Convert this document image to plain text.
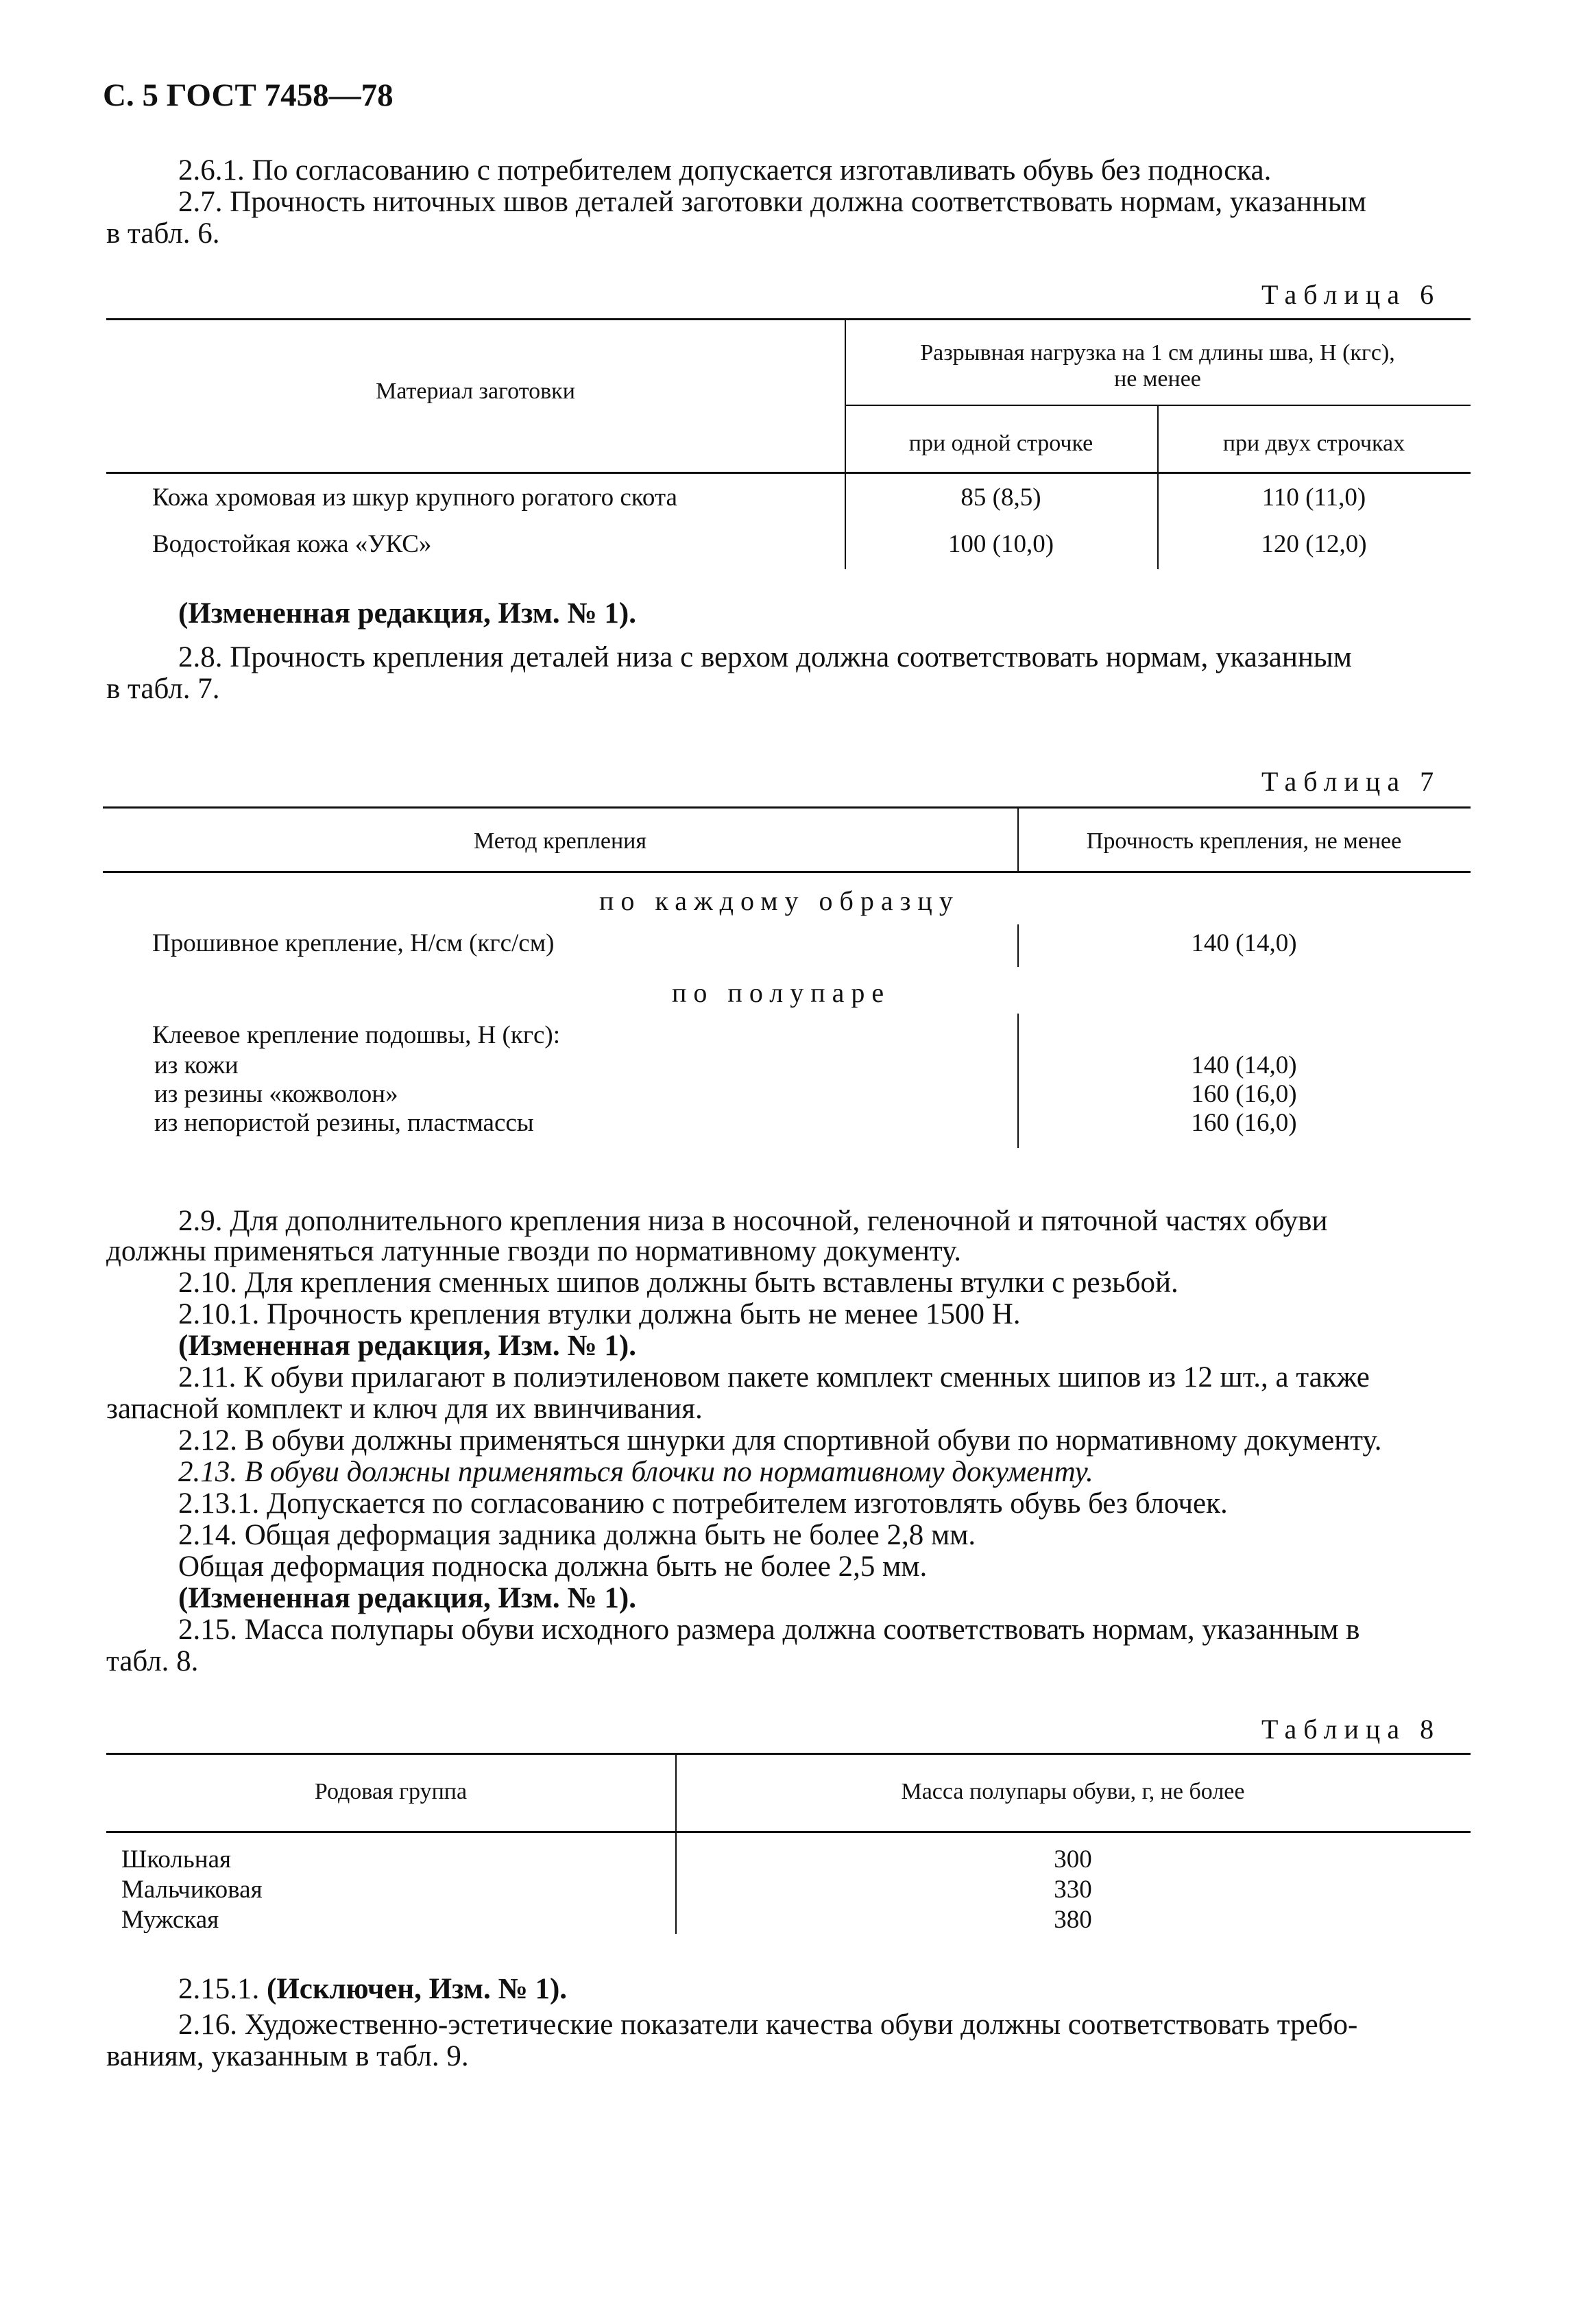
С. 5 ГОСТ 7458—78
2.6.1. По согласованию с потребителем допускается изготавливать обувь без подноска.
2.7. Прочность ниточных швов деталей заготовки должна соответствовать нормам, указанным
в табл. 6.
Таблица 6
Материал заготовки
Разрывная нагрузка на 1 см длины шва, Н (кгс),
не менее
при одной строчке	при двух строчках
Кожа хромовая из шкур крупного рогатого скота	85 (8,5)	110 (11,0)
Водостойкая кожа «УКС»	100 (10,0)	120 (12,0)
(Измененная редакция, Изм. № 1).
2.8. Прочность крепления деталей низа с верхом должна соответствовать нормам, указанным
в табл. 7.
Таблица 7
Метод крепления	Прочность крепления, не менее
по каждому образцу
Прошивное крепление, Н/см (кгс/см)	140 (14,0)
по полупаре
Клеевое крепление подошвы, Н (кгс):
из кожи	140 (14,0)
из резины «кожволон»	160 (16,0)
из непористой резины, пластмассы	160 (16,0)
2.9. Для дополнительного крепления низа в носочной, геленочной и пяточной частях обуви
должны применяться латунные гвозди по нормативному документу.
2.10. Для крепления сменных шипов должны быть вставлены втулки с резьбой.
2.10.1. Прочность крепления втулки должна быть не менее 1500 Н.
(Измененная редакция, Изм. № 1).
2.11. К обуви прилагают в полиэтиленовом пакете комплект сменных шипов из 12 шт., а также
запасной комплект и ключ для их ввинчивания.
2.12. В обуви должны применяться шнурки для спортивной обуви по нормативному документу.
2.13. В обуви должны применяться блочки по нормативному документу.
2.13.1. Допускается по согласованию с потребителем изготовлять обувь без блочек.
2.14. Общая деформация задника должна быть не более 2,8 мм.
Общая деформация подноска должна быть не более 2,5 мм.
(Измененная редакция, Изм. № 1).
2.15. Масса полупары обуви исходного размера должна соответствовать нормам, указанным в
табл. 8.
Таблица 8
Родовая группа	Масса полупары обуви, г, не более
Школьная	300
Мальчиковая	330
Мужская	380
2.15.1. (Исключен, Изм. № 1).
2.16. Художественно-эстетические показатели качества обуви должны соответствовать требо-
ваниям, указанным в табл. 9.
